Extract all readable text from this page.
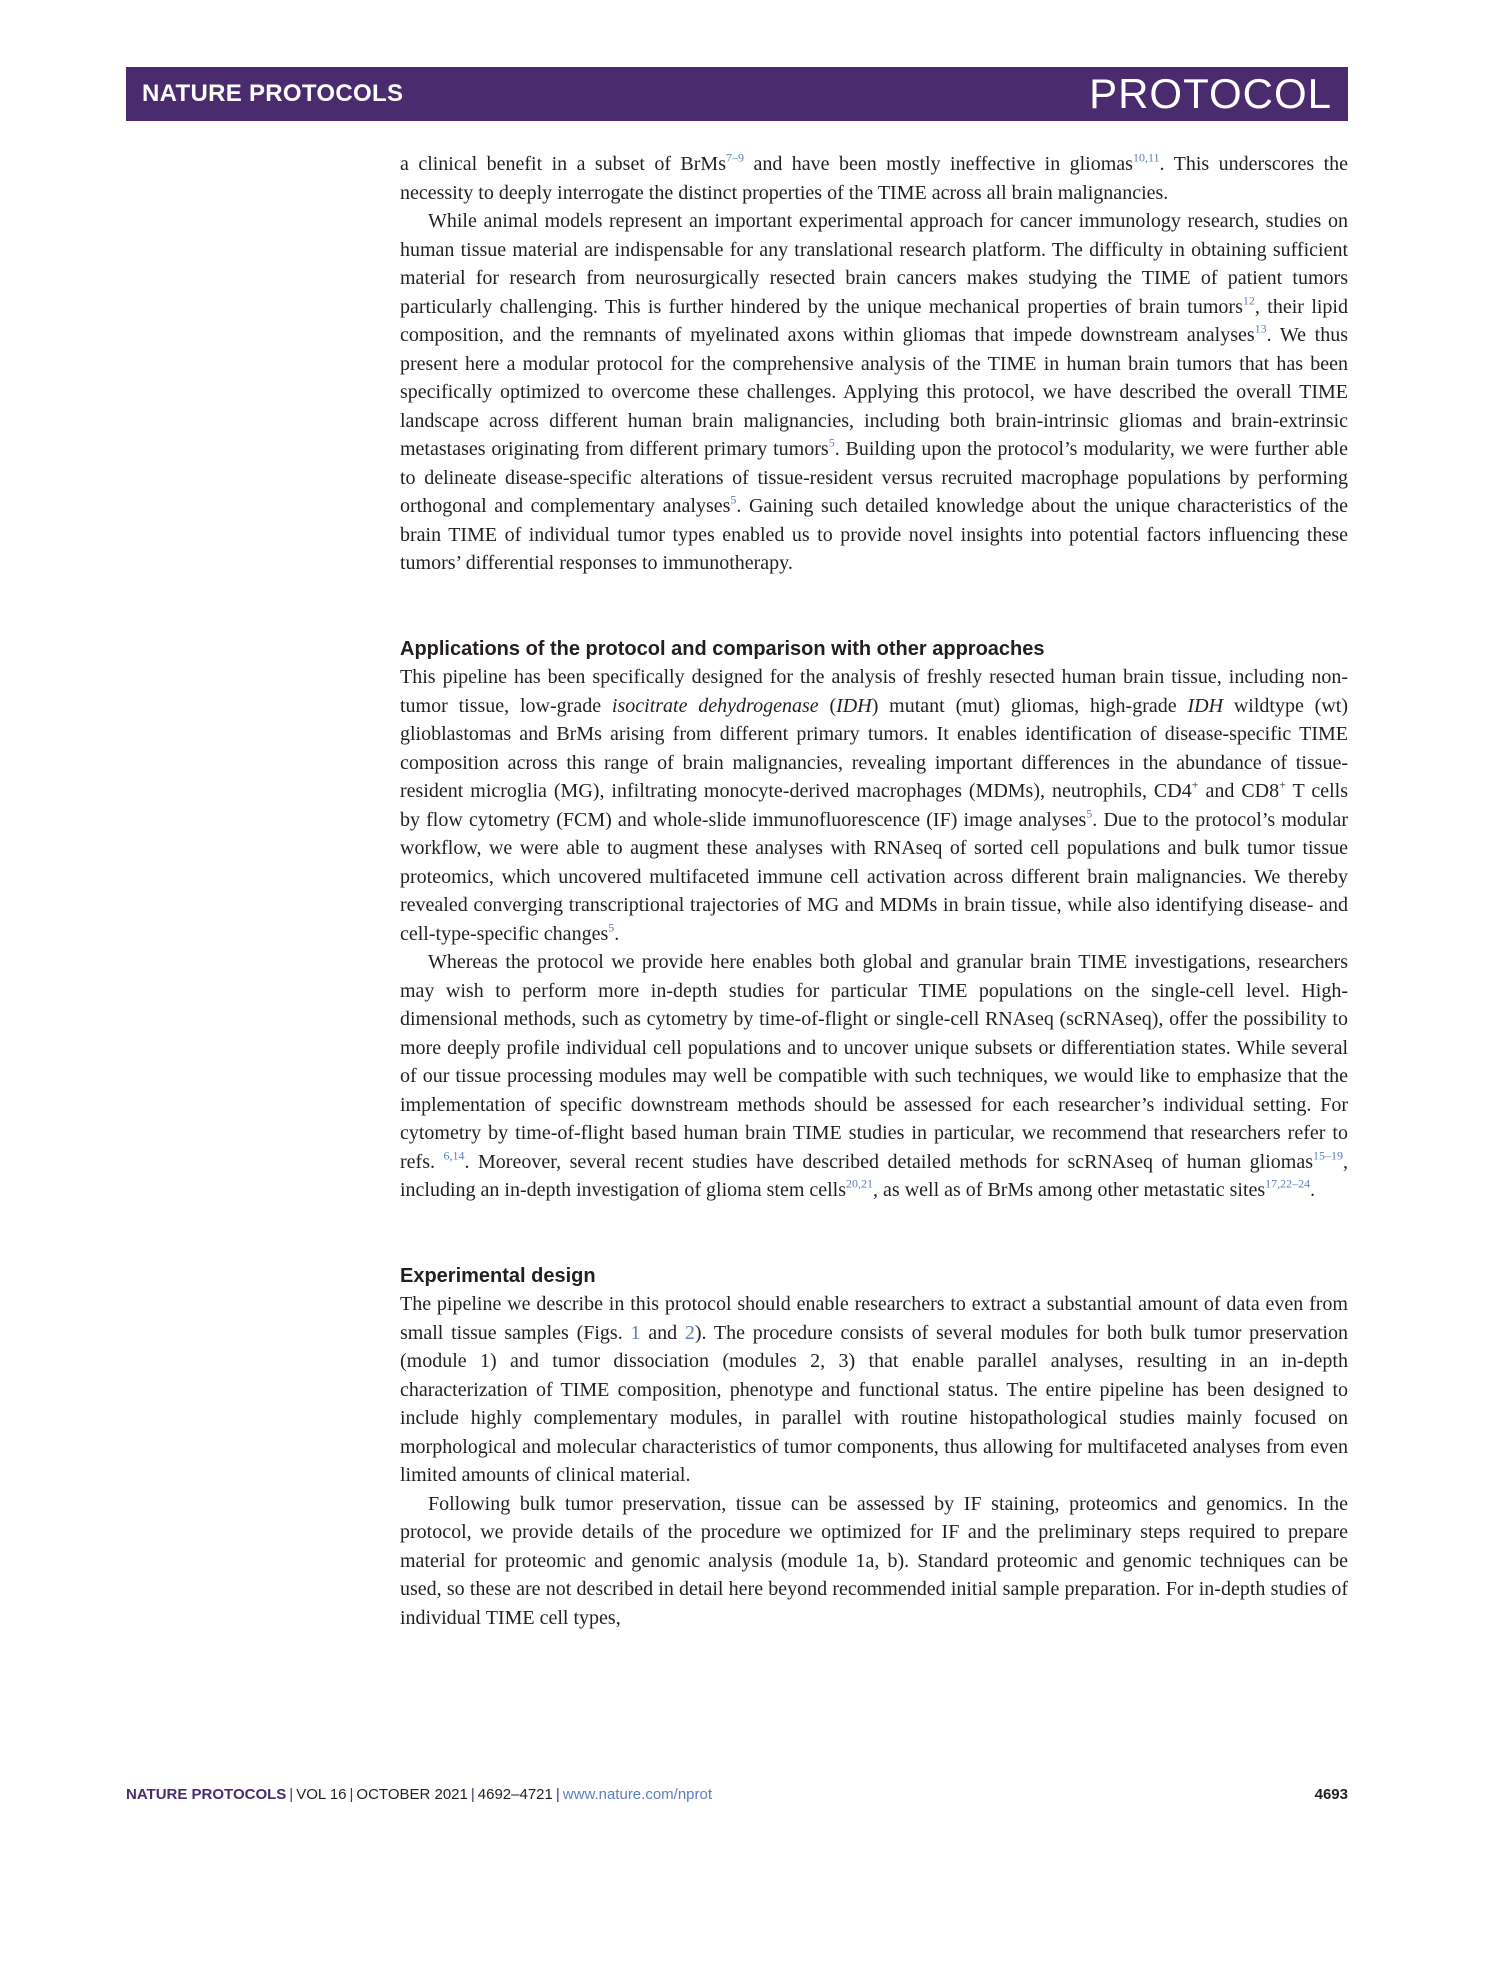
NATURE PROTOCOLS	PROTOCOL

a clinical benefit in a subset of BrMs$^{7-9}$ and have been mostly ineffective in gliomas$^{10,11}$. This underscores the necessity to deeply interrogate the distinct properties of the TIME across all brain malignancies.

While animal models represent an important experimental approach for cancer immunology research, studies on human tissue material are indispensable for any translational research platform. The difficulty in obtaining sufficient material for research from neurosurgically resected brain cancers makes studying the TIME of patient tumors particularly challenging. This is further hindered by the unique mechanical properties of brain tumors$^{12}$, their lipid composition, and the remnants of myelinated axons within gliomas that impede downstream analyses$^{13}$. We thus present here a modular protocol for the comprehensive analysis of the TIME in human brain tumors that has been specifically optimized to overcome these challenges. Applying this protocol, we have described the overall TIME landscape across different human brain malignancies, including both brain-intrinsic gliomas and brain-extrinsic metastases originating from different primary tumors$^5$. Building upon the protocol’s modularity, we were further able to delineate disease-specific alterations of tissue-resident versus recruited macrophage populations by performing orthogonal and complementary analyses$^5$. Gaining such detailed knowledge about the unique characteristics of the brain TIME of individual tumor types enabled us to provide novel insights into potential factors influencing these tumors’ differential responses to immunotherapy.

Applications of the protocol and comparison with other approaches

This pipeline has been specifically designed for the analysis of freshly resected human brain tissue, including non-tumor tissue, low-grade isocitrate dehydrogenase (IDH) mutant (mut) gliomas, high-grade IDH wildtype (wt) glioblastomas and BrMs arising from different primary tumors. It enables identification of disease-specific TIME composition across this range of brain malignancies, revealing important differences in the abundance of tissue-resident microglia (MG), infiltrating monocyte-derived macrophages (MDMs), neutrophils, CD4+ and CD8+ T cells by flow cytometry (FCM) and whole-slide immunofluorescence (IF) image analyses$^5$. Due to the protocol’s modular workflow, we were able to augment these analyses with RNAseq of sorted cell populations and bulk tumor tissue proteomics, which uncovered multifaceted immune cell activation across different brain malignancies. We thereby revealed converging transcriptional trajectories of MG and MDMs in brain tissue, while also identifying disease- and cell-type-specific changes$^5$.

Whereas the protocol we provide here enables both global and granular brain TIME investigations, researchers may wish to perform more in-depth studies for particular TIME populations on the single-cell level. High-dimensional methods, such as cytometry by time-of-flight or single-cell RNAseq (scRNAseq), offer the possibility to more deeply profile individual cell populations and to uncover unique subsets or differentiation states. While several of our tissue processing modules may well be compatible with such techniques, we would like to emphasize that the implementation of specific downstream methods should be assessed for each researcher’s individual setting. For cytometry by time-of-flight based human brain TIME studies in particular, we recommend that researchers refer to refs. $^{6,14}$. Moreover, several recent studies have described detailed methods for scRNAseq of human gliomas$^{15-19}$, including an in-depth investigation of glioma stem cells$^{20,21}$, as well as of BrMs among other metastatic sites$^{17,22-24}$.

Experimental design

The pipeline we describe in this protocol should enable researchers to extract a substantial amount of data even from small tissue samples (Figs. 1 and 2). The procedure consists of several modules for both bulk tumor preservation (module 1) and tumor dissociation (modules 2, 3) that enable parallel analyses, resulting in an in-depth characterization of TIME composition, phenotype and functional status. The entire pipeline has been designed to include highly complementary modules, in parallel with routine histopathological studies mainly focused on morphological and molecular characteristics of tumor components, thus allowing for multifaceted analyses from even limited amounts of clinical material.

Following bulk tumor preservation, tissue can be assessed by IF staining, proteomics and genomics. In the protocol, we provide details of the procedure we optimized for IF and the preliminary steps required to prepare material for proteomic and genomic analysis (module 1a, b). Standard proteomic and genomic techniques can be used, so these are not described in detail here beyond recommended initial sample preparation. For in-depth studies of individual TIME cell types,

NATURE PROTOCOLS | VOL 16 | OCTOBER 2021 | 4692–4721 | www.nature.com/nprot	4693
